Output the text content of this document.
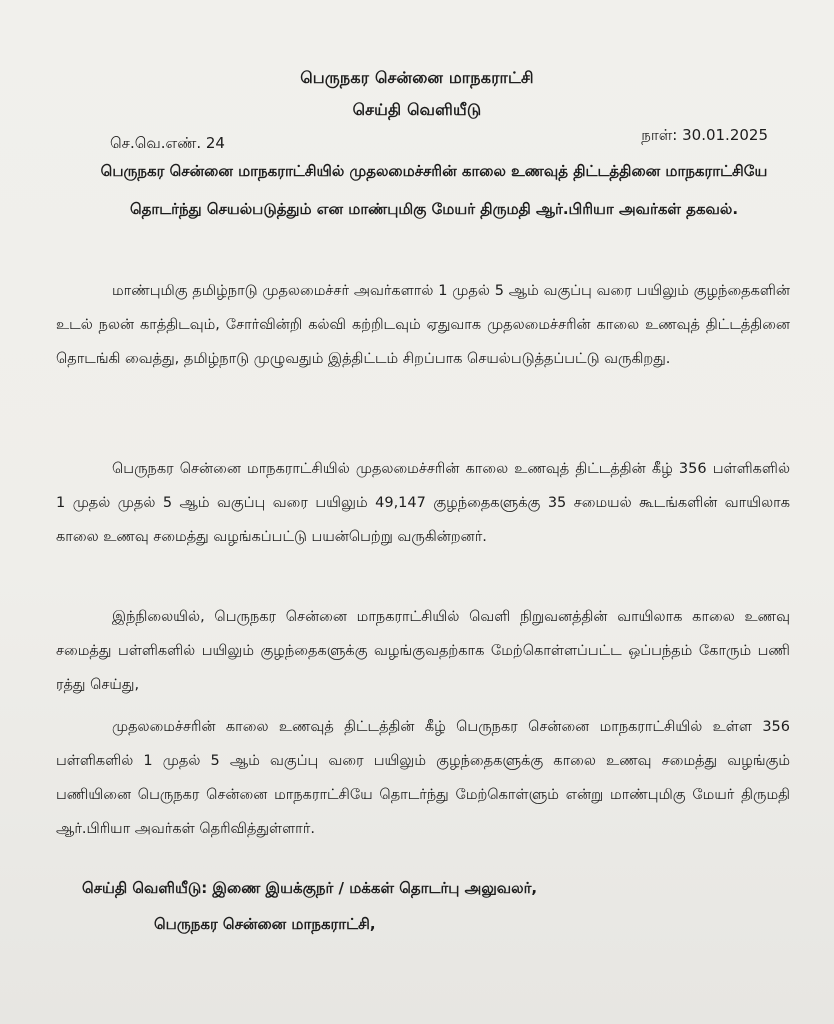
பெருநகர சென்னை மாநகராட்சி
செய்தி வெளியீடு
செ.வெ.எண். 24	நாள்: 30.01.2025
பெருநகர சென்னை மாநகராட்சியில் முதலமைச்சரின் காலை உணவுத் திட்டத்தினை மாநகராட்சியே தொடர்ந்து செயல்படுத்தும் என மாண்புமிகு மேயர் திருமதி ஆர்.பிரியா அவர்கள் தகவல்.
மாண்புமிகு தமிழ்நாடு முதலமைச்சர் அவர்களால் 1 முதல் 5 ஆம் வகுப்பு வரை பயிலும் குழந்தைகளின் உடல் நலன் காத்திடவும், சோர்வின்றி கல்வி கற்றிடவும் ஏதுவாக முதலமைச்சரின் காலை உணவுத் திட்டத்தினை தொடங்கி வைத்து, தமிழ்நாடு முழுவதும் இத்திட்டம் சிறப்பாக செயல்படுத்தப்பட்டு வருகிறது.
பெருநகர சென்னை மாநகராட்சியில் முதலமைச்சரின் காலை உணவுத் திட்டத்தின் கீழ் 356 பள்ளிகளில் 1 முதல் முதல் 5 ஆம் வகுப்பு வரை பயிலும் 49,147 குழந்தைகளுக்கு 35 சமையல் கூடங்களின் வாயிலாக காலை உணவு சமைத்து வழங்கப்பட்டு பயன்பெற்று வருகின்றனர்.
இந்நிலையில், பெருநகர சென்னை மாநகராட்சியில் வெளி நிறுவனத்தின் வாயிலாக காலை உணவு சமைத்து பள்ளிகளில் பயிலும் குழந்தைகளுக்கு வழங்குவதற்காக மேற்கொள்ளப்பட்ட ஒப்பந்தம் கோரும் பணி ரத்து செய்து,
முதலமைச்சரின் காலை உணவுத் திட்டத்தின் கீழ் பெருநகர சென்னை மாநகராட்சியில் உள்ள 356 பள்ளிகளில் 1 முதல் 5 ஆம் வகுப்பு வரை பயிலும் குழந்தைகளுக்கு காலை உணவு சமைத்து வழங்கும் பணியினை பெருநகர சென்னை மாநகராட்சியே தொடர்ந்து மேற்கொள்ளும் என்று மாண்புமிகு மேயர் திருமதி ஆர்.பிரியா அவர்கள் தெரிவித்துள்ளார்.
செய்தி வெளியீடு: இணை இயக்குநர் / மக்கள் தொடர்பு அலுவலர்,
பெருநகர சென்னை மாநகராட்சி,
